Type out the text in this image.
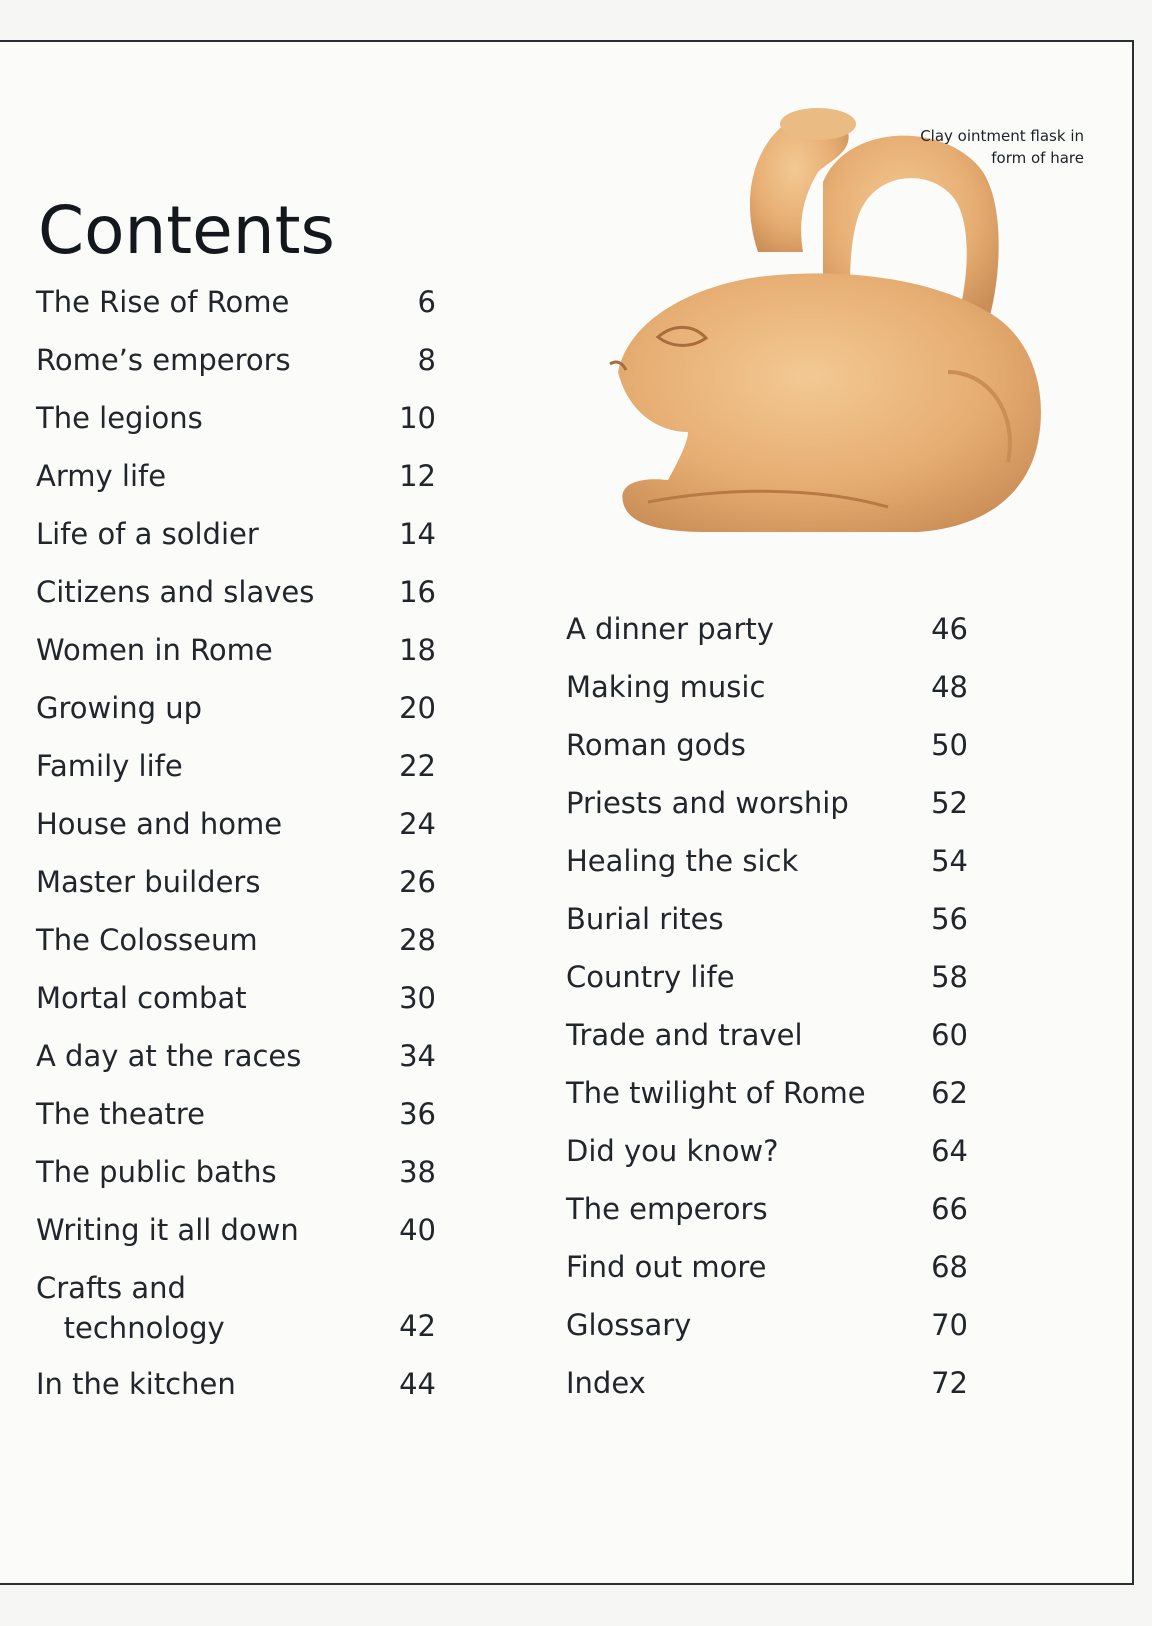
Contents
Clay ointment flask in form of hare
The Rise of Rome	6
Rome’s emperors	8
The legions	10
Army life	12
Life of a soldier	14
Citizens and slaves	16
Women in Rome	18
Growing up	20
Family life	22
House and home	24
Master builders	26
The Colosseum	28
Mortal combat	30
A day at the races	34
The theatre	36
The public baths	38
Writing it all down	40
Crafts and
technology	42
In the kitchen	44
A dinner party	46
Making music	48
Roman gods	50
Priests and worship	52
Healing the sick	54
Burial rites	56
Country life	58
Trade and travel	60
The twilight of Rome 62
Did you know?	64
The emperors	66
Find out more	68
Glossary	70
Index	72
